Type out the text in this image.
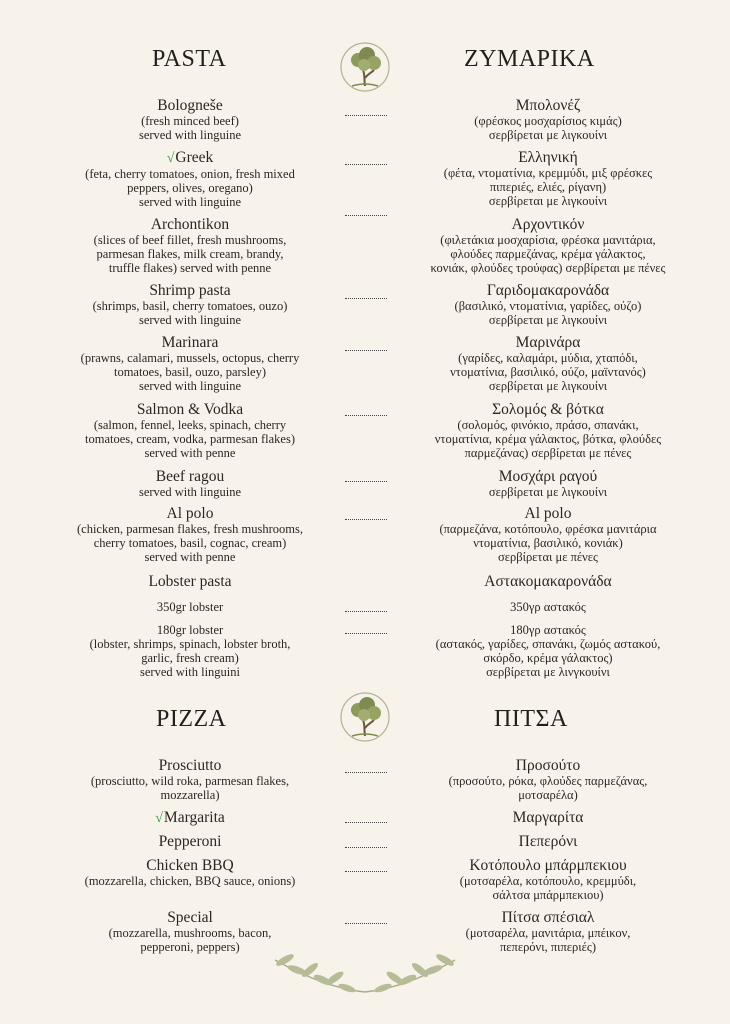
PASTA	ΖΥΜΑΡΙΚΑ
Bologneše
(fresh minced beef)
served with linguine
Μπολονέζ
(φρέσκος μοσχαρίσιος κιμάς)
σερβίρεται με λιγκουίνι
√Greek
(feta, cherry tomatoes, onion, fresh mixed
peppers, olives, oregano)
served with linguine
Ελληνική
(φέτα, ντοματίνια, κρεμμύδι, μιξ φρέσκες
πιπεριές, ελιές, ρίγανη)
σερβίρεται με λιγκουίνι
Archontikon
(slices of beef fillet, fresh mushrooms,
parmesan flakes, milk cream, brandy,
truffle flakes) served with penne
Αρχοντικόν
(φιλετάκια μοσχαρίσια, φρέσκα μανιτάρια,
φλούδες παρμεζάνας, κρέμα γάλακτος,
κονιάκ, φλούδες τρούφας) σερβίρεται με πένες
Shrimp pasta
(shrimps, basil, cherry tomatoes, ouzo)
served with linguine
Γαριδομακαρονάδα
(βασιλικό, ντοματίνια, γαρίδες, ούζο)
σερβίρεται με λιγκουίνι
Marinara
(prawns, calamari, mussels, octopus, cherry
tomatoes, basil, ouzo, parsley)
served with linguine
Μαρινάρα
(γαρίδες, καλαμάρι, μύδια, χταπόδι,
ντοματίνια, βασιλικό, ούζο, μαϊντανός)
σερβίρεται με λιγκουίνι
Salmon & Vodka
(salmon, fennel, leeks, spinach, cherry
tomatoes, cream, vodka, parmesan flakes)
served with penne
Σολομός & βότκα
(σολομός, φινόκιο, πράσο, σπανάκι,
ντοματίνια, κρέμα γάλακτος, βότκα, φλούδες
παρμεζάνας) σερβίρεται με πένες
Beef ragou
served with linguine
Μοσχάρι ραγού
σερβίρεται με λιγκουίνι
Al polo
(chicken, parmesan flakes, fresh mushrooms,
cherry tomatoes, basil, cognac, cream)
served with penne
Al polo
(παρμεζάνα, κοτόπουλο, φρέσκα μανιτάρια
ντοματίνια, βασιλικό, κονιάκ)
σερβίρεται με πένες
Lobster pasta	Αστακομακαρονάδα
350gr lobster	350γρ αστακός
180gr lobster
(lobster, shrimps, spinach, lobster broth,
garlic, fresh cream)
served with linguini
180γρ αστακός
(αστακός, γαρίδες, σπανάκι, ζωμός αστακού,
σκόρδο, κρέμα γάλακτος)
σερβίρεται με λινγκουίνι
PIZZA	ΠΙΤΣΑ
Prosciutto
(prosciutto, wild roka, parmesan flakes,
mozzarella)
Προσούτο
(προσούτο, ρόκα, φλούδες παρμεζάνας,
μοτσαρέλα)
√Margarita	Μαργαρίτα
Pepperoni	Πεπερόνι
Chicken BBQ
(mozzarella, chicken, BBQ sauce, onions)
Κοτόπουλο μπάρμπεκιου
(μοτσαρέλα, κοτόπουλο, κρεμμύδι,
σάλτσα μπάρμπεκιου)
Special
(mozzarella, mushrooms, bacon,
pepperoni, peppers)
Πίτσα σπέσιαλ
(μοτσαρέλα, μανιτάρια, μπέικον,
πεπερόνι, πιπεριές)
